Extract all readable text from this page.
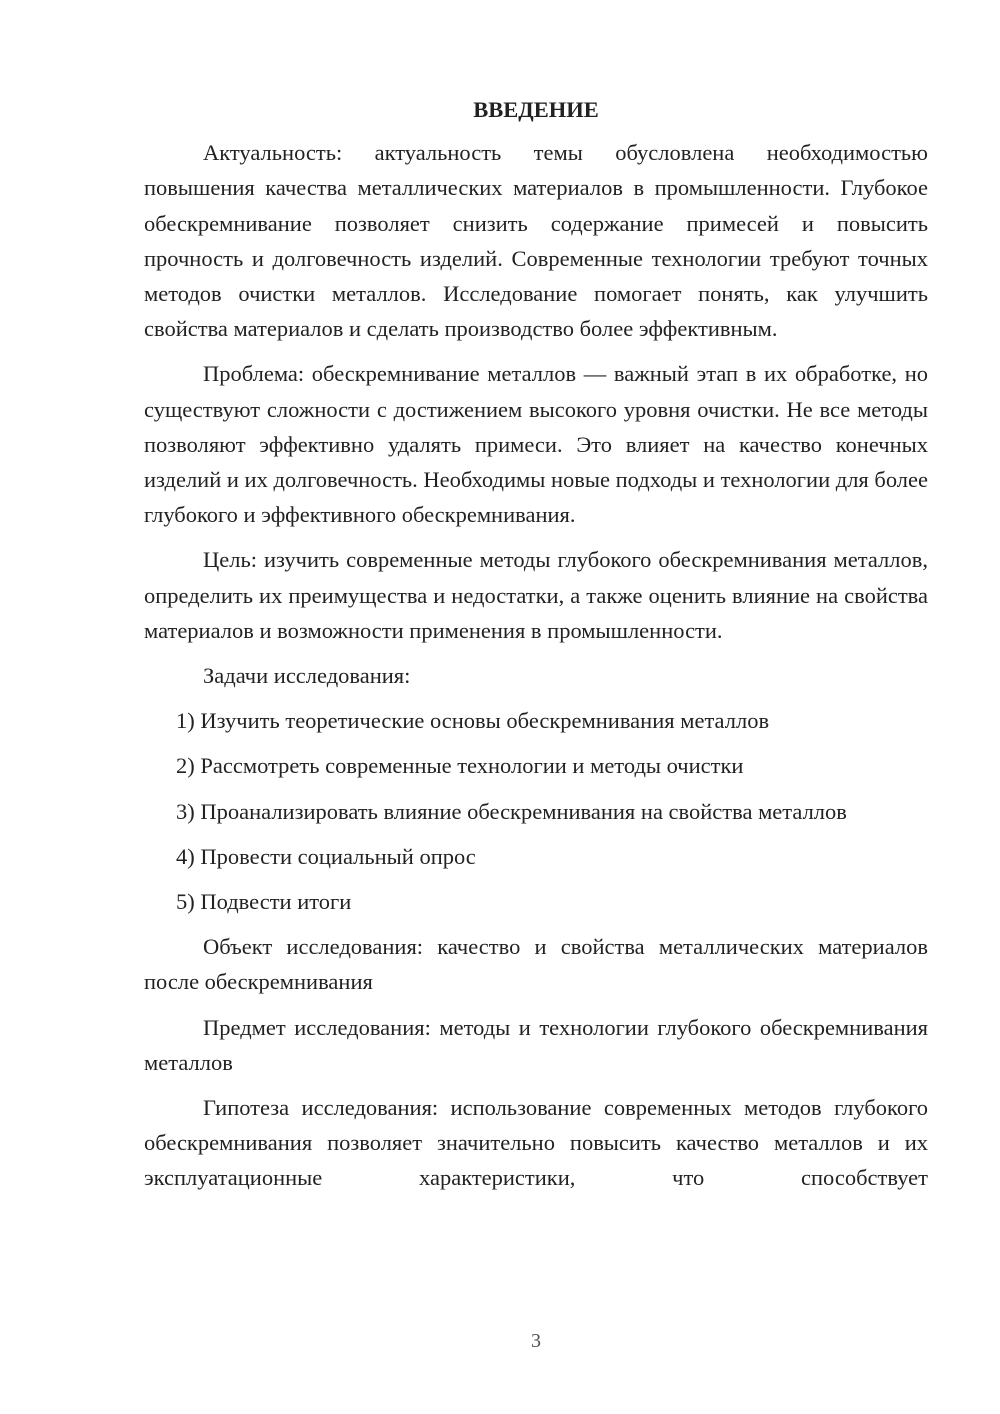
ВВЕДЕНИЕ

Актуальность: актуальность темы обусловлена необходимостью повышения качества металлических материалов в промышленности. Глубокое обескремнивание позволяет снизить содержание примесей и повысить прочность и долговечность изделий. Современные технологии требуют точных методов очистки металлов. Исследование помогает понять, как улучшить свойства материалов и сделать производство более эффективным.

Проблема: обескремнивание металлов — важный этап в их обработке, но существуют сложности с достижением высокого уровня очистки. Не все методы позволяют эффективно удалять примеси. Это влияет на качество конечных изделий и их долговечность. Необходимы новые подходы и технологии для более глубокого и эффективного обескремнивания.

Цель: изучить современные методы глубокого обескремнивания металлов, определить их преимущества и недостатки, а также оценить влияние на свойства материалов и возможности применения в промышленности.

Задачи исследования:

1) Изучить теоретические основы обескремнивания металлов
2) Рассмотреть современные технологии и методы очистки
3) Проанализировать влияние обескремнивания на свойства металлов
4) Провести социальный опрос
5) Подвести итоги

Объект исследования: качество и свойства металлических материалов после обескремнивания

Предмет исследования: методы и технологии глубокого обескремнивания металлов

Гипотеза исследования: использование современных методов глубокого обескремнивания позволяет значительно повысить качество металлов и их эксплуатационные характеристики, что способствует

3
